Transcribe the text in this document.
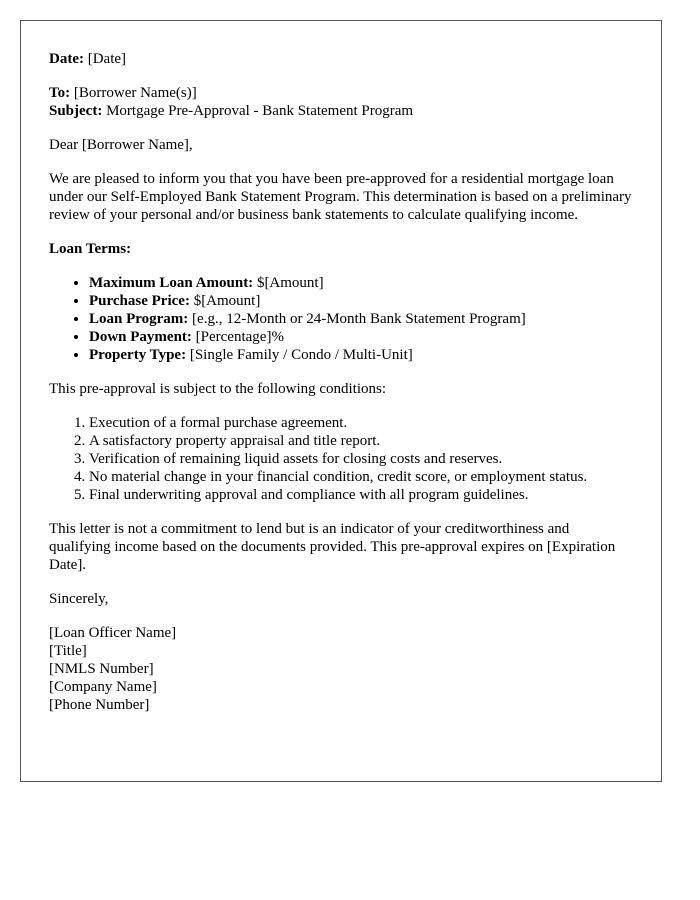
Date: [Date]

To: [Borrower Name(s)]
Subject: Mortgage Pre-Approval - Bank Statement Program

Dear [Borrower Name],

We are pleased to inform you that you have been pre-approved for a residential mortgage loan under our Self-Employed Bank Statement Program. This determination is based on a preliminary review of your personal and/or business bank statements to calculate qualifying income.

Loan Terms:

• Maximum Loan Amount: $[Amount]
• Purchase Price: $[Amount]
• Loan Program: [e.g., 12-Month or 24-Month Bank Statement Program]
• Down Payment: [Percentage]%
• Property Type: [Single Family / Condo / Multi-Unit]

This pre-approval is subject to the following conditions:

1. Execution of a formal purchase agreement.
2. A satisfactory property appraisal and title report.
3. Verification of remaining liquid assets for closing costs and reserves.
4. No material change in your financial condition, credit score, or employment status.
5. Final underwriting approval and compliance with all program guidelines.

This letter is not a commitment to lend but is an indicator of your creditworthiness and qualifying income based on the documents provided. This pre-approval expires on [Expiration Date].

Sincerely,

[Loan Officer Name]
[Title]
[NMLS Number]
[Company Name]
[Phone Number]
